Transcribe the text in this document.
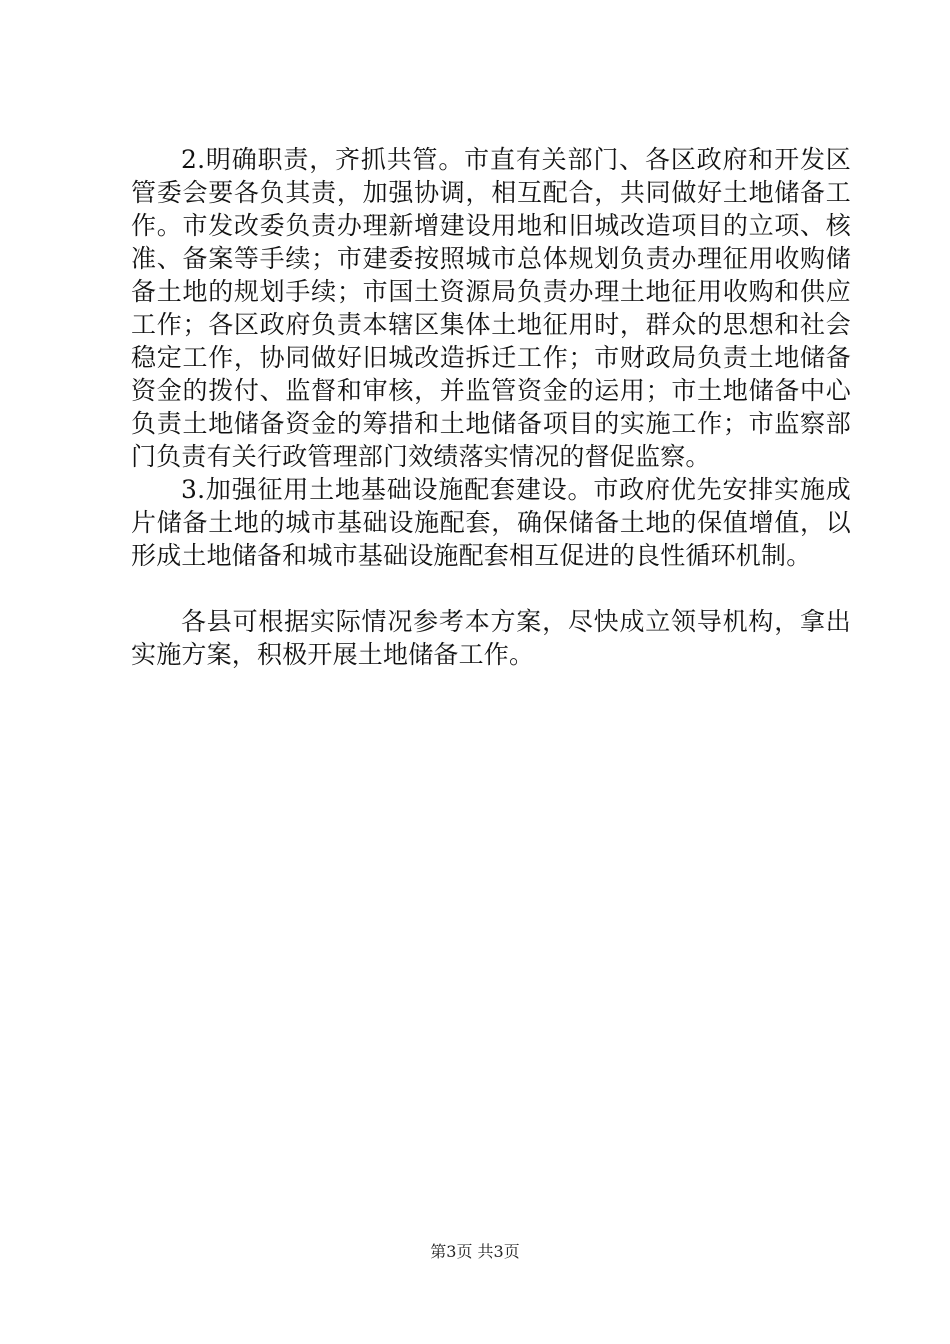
2.明确职责，齐抓共管。市直有关部门、各区政府和开发区管委会要各负其责，加强协调，相互配合，共同做好土地储备工作。市发改委负责办理新增建设用地和旧城改造项目的立项、核准、备案等手续；市建委按照城市总体规划负责办理征用收购储备土地的规划手续；市国土资源局负责办理土地征用收购和供应工作；各区政府负责本辖区集体土地征用时，群众的思想和社会稳定工作，协同做好旧城改造拆迁工作；市财政局负责土地储备资金的拨付、监督和审核，并监管资金的运用；市土地储备中心负责土地储备资金的筹措和土地储备项目的实施工作；市监察部门负责有关行政管理部门效绩落实情况的督促监察。

3.加强征用土地基础设施配套建设。市政府优先安排实施成片储备土地的城市基础设施配套，确保储备土地的保值增值，以形成土地储备和城市基础设施配套相互促进的良性循环机制。

各县可根据实际情况参考本方案，尽快成立领导机构，拿出实施方案，积极开展土地储备工作。

第3页 共3页
